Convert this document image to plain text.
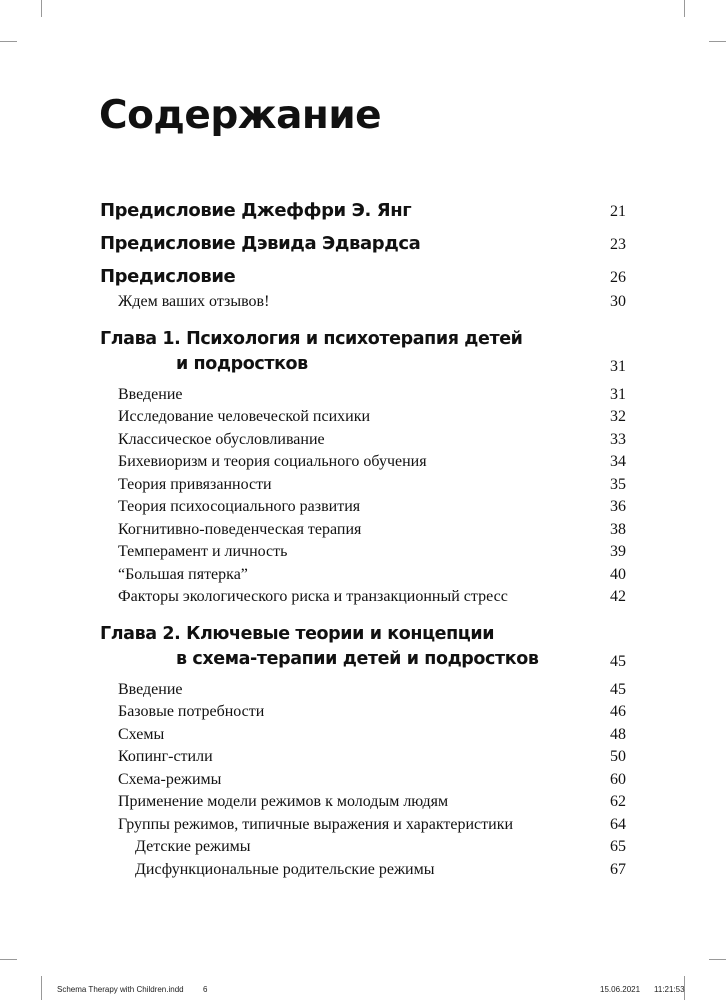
Содержание
Предисловие Джеффри Э. Янг	21
Предисловие Дэвида Эдвардса	23
Предисловие	26
Ждем ваших отзывов!	30
Глава 1. Психология и психотерапия детей
и подростков	31
Введение	31
Исследование человеческой психики	32
Классическое обусловливание	33
Бихевиоризм и теория социального обучения	34
Теория привязанности	35
Теория психосоциального развития	36
Когнитивно-поведенческая терапия	38
Темперамент и личность	39
“Большая пятерка”	40
Факторы экологического риска и транзакционный стресс	42
Глава 2. Ключевые теории и концепции
в схема-терапии детей и подростков	45
Введение	45
Базовые потребности	46
Схемы	48
Копинг-стили	50
Схема-режимы	60
Применение модели режимов к молодым людям	62
Группы режимов, типичные выражения и характеристики	64
Детские режимы	65
Дисфункциональные родительские режимы	67
Schema Therapy with Children.indd 6	15.06.2021 11:21:53
